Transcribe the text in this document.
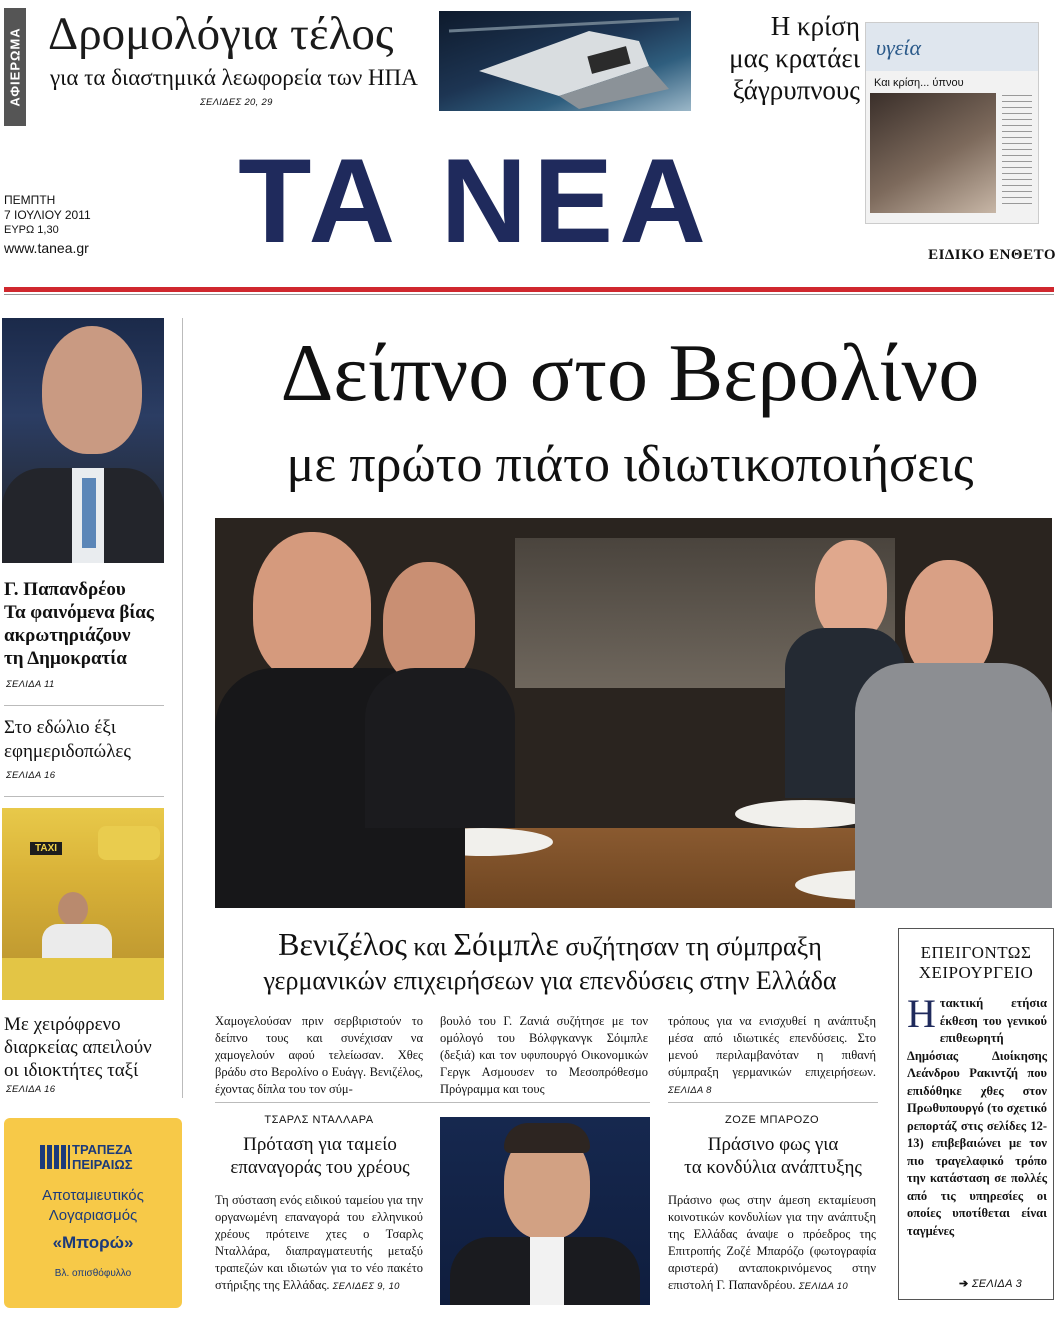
ΑΦΙΕΡΩΜΑ Δρομολόγια τέλος
για τα διαστημικά λεωφορεία των ΗΠΑ
ΣΕΛΙΔΕΣ 20, 29
Η κρίση
μας κρατάει
ξάγρυπνους
υγεία
Και κρίση... ύπνου
ΕΙΔΙΚΟ ΕΝΘΕΤΟ
ΠΕΜΠΤΗ
7 ΙΟΥΛΙΟΥ 2011
ΕΥΡΩ 1,30
www.tanea.gr ΤΑ ΝΕΑ
Γ. Παπανδρέου
Τα φαινόμενα βίας
ακρωτηριάζουν
τη Δημοκρατία
ΣΕΛΙΔΑ 11
Στο εδώλιο έξι
εφημεριδοπώλες
ΣΕΛΙΔΑ 16
TAXI
Με χειρόφρενο
διαρκείας απειλούν
οι ιδιοκτήτες ταξί
ΣΕΛΙΔΑ 16
ΤΡΑΠΕΖΑ
ΠΕΙΡΑΙΩΣ
Αποταμιευτικός
Λογαριασμός
«Μπορώ»
Βλ. οπισθόφυλλο
Δείπνο στο Βερολίνο
με πρώτο πιάτο ιδιωτικοποιήσεις
Βενιζέλος και Σόιμπλε συζήτησαν τη σύμπραξη
γερμανικών επιχειρήσεων για επενδύσεις στην Ελλάδα
Χαμογελούσαν πριν σερβιριστούν το δείπνο τους και συνέχισαν να χαμογελούν αφού τελείωσαν. Χθες βράδυ στο Βερολίνο ο Ευάγγ. Βενιζέλος, έχοντας δίπλα του τον σύμ-
βουλό του Γ. Ζανιά συζήτησε με τον ομόλογό του Βόλφγκανγκ Σόιμπλε (δεξιά) και τον υφυπουργό Οικονομικών Γεργκ Ασμουσεν το Μεσοπρόθεσμο Πρόγραμμα και τους
τρόπους για να ενισχυθεί η ανάπτυξη μέσα από ιδιωτικές επενδύσεις. Στο μενού περιλαμβανόταν η πιθανή σύμπραξη γερμανικών επιχειρήσεων. ΣΕΛΙΔΑ 8
ΤΣΑΡΛΣ ΝΤΑΛΛΑΡΑ
Πρόταση για ταμείο
επαναγοράς του χρέους
Τη σύσταση ενός ειδικού ταμείου για την οργανωμένη επαναγορά του ελληνικού χρέους πρότεινε χτες ο Τσαρλς Νταλλάρα, διαπραγματευτής μεταξύ τραπεζών και ιδιωτών για το νέο πακέτο στήριξης της Ελλάδας. ΣΕΛΙΔΕΣ 9, 10
ΖΟΖΕ ΜΠΑΡΟΖΟ
Πράσινο φως για
τα κονδύλια ανάπτυξης
Πράσινο φως στην άμεση εκταμίευση κοινοτικών κονδυλίων για την ανάπτυξη της Ελλάδας άναψε ο πρόεδρος της Επιτροπής Ζοζέ Μπαρόζο (φωτογραφία αριστερά) ανταποκρινόμενος στην επιστολή Γ. Παπανδρέου. ΣΕΛΙΔΑ 10
ΕΠΕΙΓΟΝΤΩΣ
ΧΕΙΡΟΥΡΓΕΙΟ
Η τακτική ετήσια έκθεση του γενικού επιθεωρητή Δημόσιας Διοίκησης Λεάνδρου Ρακιντζή που επιδόθηκε χθες στον Πρωθυπουργό (το σχετικό ρεπορτάζ στις σελίδες 12-13) επιβεβαιώνει με τον πιο τραγελαφικό τρόπο την κατάσταση σε πολλές από τις υπηρεσίες οι οποίες υποτίθεται είναι ταγμένες
➔ ΣΕΛΙΔΑ 3
